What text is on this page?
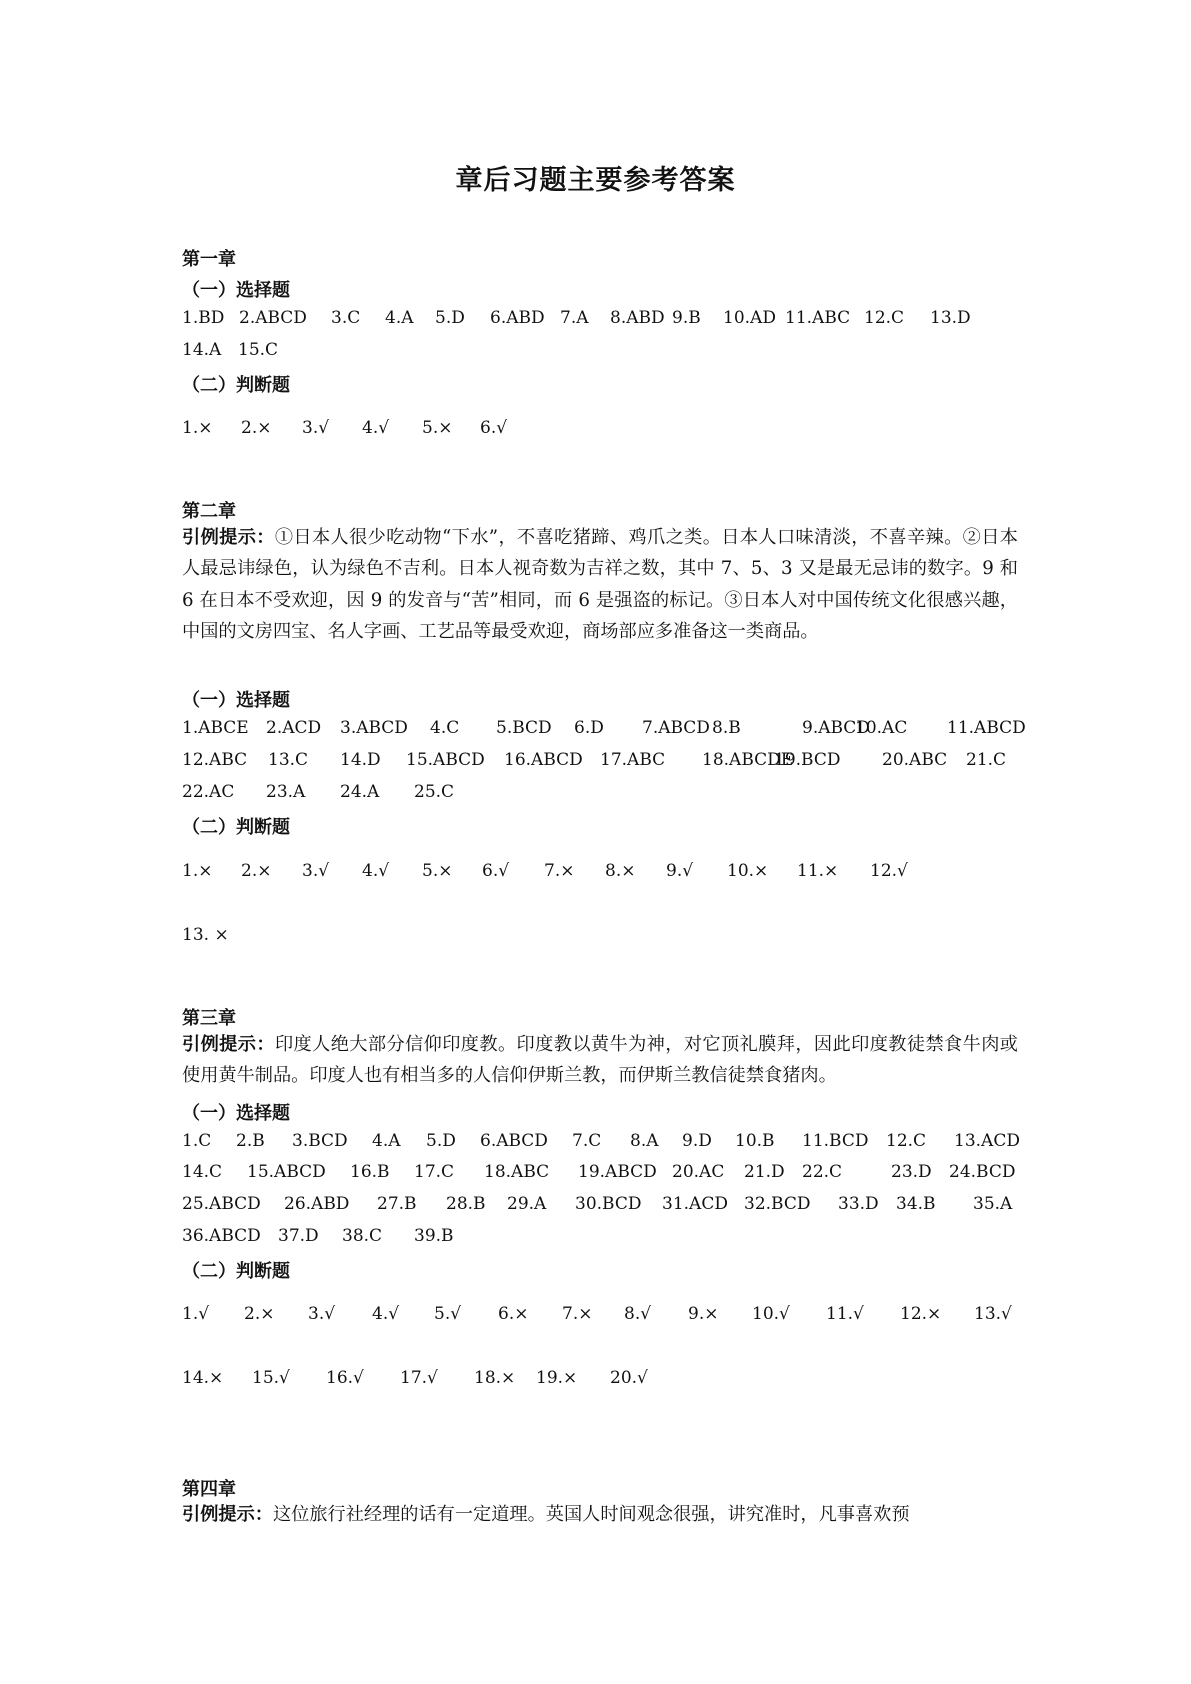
章后习题主要参考答案
第一章
（一）选择题
1.BD 2.ABCD 3.C 4.A 5.D 6.ABD 7.A 8.ABD 9.B 10.AD 11.ABC 12.C 13.D
14.A 15.C
（二）判断题
1.× 2.× 3.√ 4.√ 5.× 6.√
第二章
引例提示：①日本人很少吃动物“下水”，不喜吃猪蹄、鸡爪之类。日本人口味清淡，不喜辛辣。②日本人最忌讳绿色，认为绿色不吉利。日本人视奇数为吉祥之数，其中 7、5、3 又是最无忌讳的数字。9 和 6 在日本不受欢迎，因 9 的发音与“苦”相同，而 6 是强盗的标记。③日本人对中国传统文化很感兴趣，中国的文房四宝、名人字画、工艺品等最受欢迎，商场部应多准备这一类商品。
（一）选择题
1.ABCE 2.ACD 3.ABCD 4.C 5.BCD 6.D 7.ABCD 8.B	9.ABCD
10.AC 11.ABCD
12.ABC 13.C 14.D 15.ABCD 16.ABCD 17.ABC 18.ABCDE
19.BCD 20.ABC 21.C
22.AC 23.A 24.A 25.C
（二）判断题
1.× 2.× 3.√ 4.√ 5.× 6.√ 7.× 8.× 9.√ 10.× 11.× 12.√
13. ×
第三章
引例提示：印度人绝大部分信仰印度教。印度教以黄牛为神，对它顶礼膜拜，因此印度教徒禁食牛肉或使用黄牛制品。印度人也有相当多的人信仰伊斯兰教，而伊斯兰教信徒禁食猪肉。
（一）选择题
1.C 2.B 3.BCD 4.A 5.D 6.ABCD 7.C 8.A 9.D 10.B 11.BCD 12.C 13.ACD
14.C 15.ABCD 16.B 17.C 18.ABC 19.ABCD 20.AC 21.D 22.C	23.D 24.BCD
25.ABCD 26.ABD 27.B 28.B 29.A 30.BCD 31.ACD 32.BCD 33.D 34.B 35.A
36.ABCD 37.D 38.C 39.B
（二）判断题
1.√ 2.× 3.√ 4.√ 5.√ 6.× 7.× 8.√ 9.× 10.√ 11.√ 12.× 13.√
14.× 15.√ 16.√ 17.√ 18.× 19.× 20.√
第四章
引例提示：这位旅行社经理的话有一定道理。英国人时间观念很强，讲究准时，凡事喜欢预
